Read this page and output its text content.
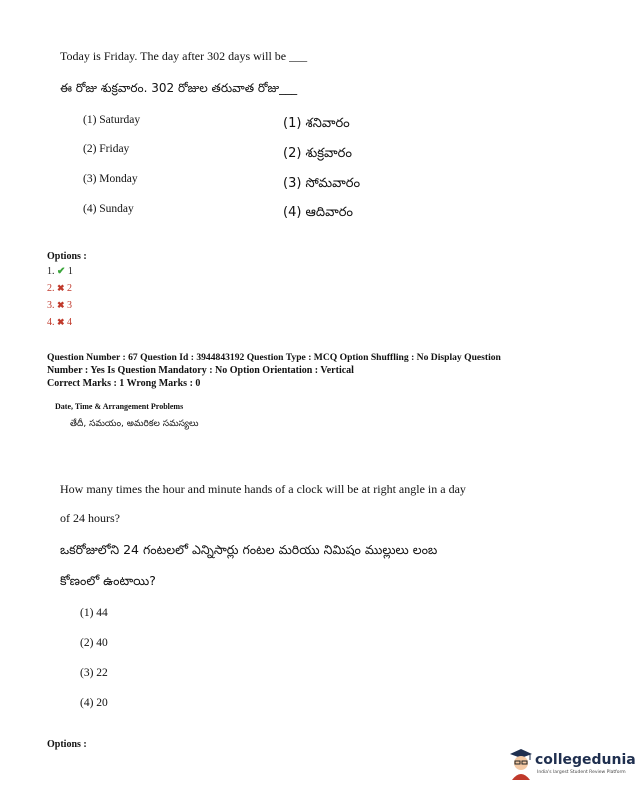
Today is Friday. The day after 302 days will be ___
ఈ రోజు శుక్రవారం. 302 రోజుల తరువాత రోజు___
(1) Saturday
(2) Friday
(3) Monday
(4) Sunday
(1) శనివారం
(2) శుక్రవారం
(3) సోమవారం
(4) ఆదివారం
Options :
1. ✔ 1
2. ✖ 2
3. ✖ 3
4. ✖ 4
Question Number : 67 Question Id : 3944843192 Question Type : MCQ Option Shuffling : No Display Question
Number : Yes Is Question Mandatory : No Option Orientation : Vertical
Correct Marks : 1 Wrong Marks : 0
Date, Time & Arrangement Problems
తేదీ, సమయం, అమరికల సమస్యలు
How many times the hour and minute hands of a clock will be at right angle in a day
of 24 hours?
ఒకరోజులోని 24 గంటలలో ఎన్నిసార్లు గంటల మరియు నిమిషం ముల్లులు లంబ
కోణంలో ఉంటాయి?
(1) 44
(2) 40
(3) 22
(4) 20
Options :
collegedunia
India's largest Student Review Platform
